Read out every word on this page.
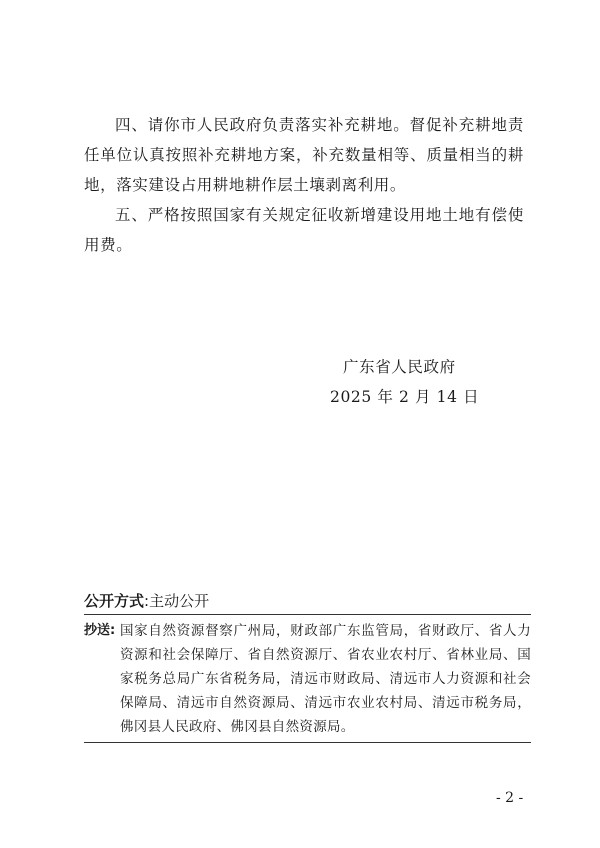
四、请你市人民政府负责落实补充耕地。督促补充耕地责任单位认真按照补充耕地方案，补充数量相等、质量相当的耕地，落实建设占用耕地耕作层土壤剥离利用。

五、严格按照国家有关规定征收新增建设用地土地有偿使用费。

广东省人民政府
2025 年 2 月 14 日
公开方式:主动公开
抄送: 国家自然资源督察广州局，财政部广东监管局，省财政厅、省人力资源和社会保障厅、省自然资源厅、省农业农村厅、省林业局、国家税务总局广东省税务局，清远市财政局、清远市人力资源和社会保障局、清远市自然资源局、清远市农业农村局、清远市税务局，佛冈县人民政府、佛冈县自然资源局。

- 2 -
